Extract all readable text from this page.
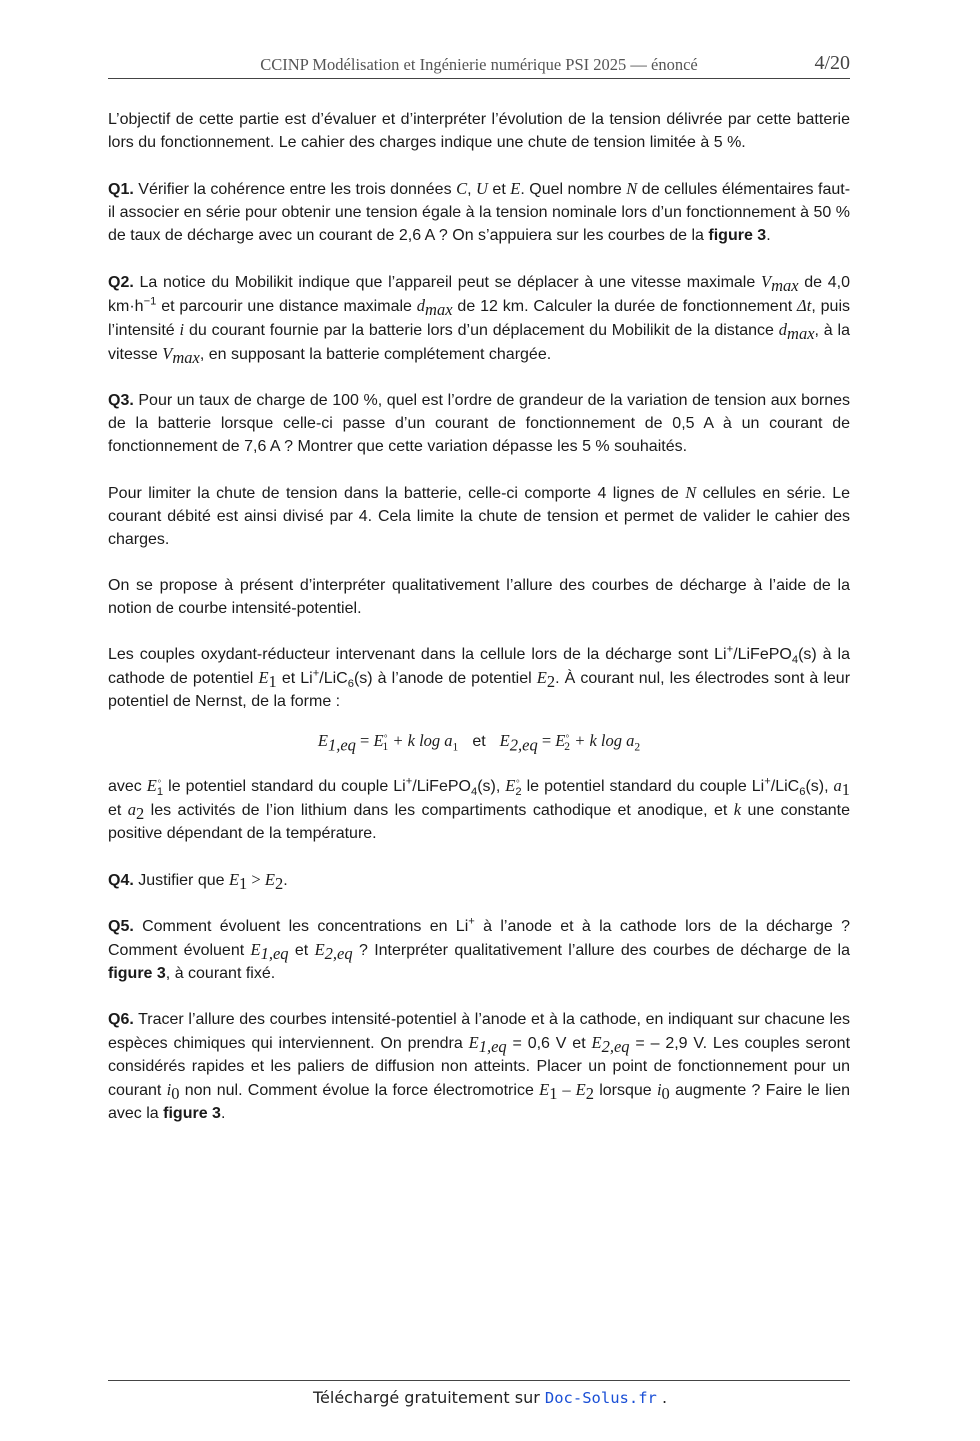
CCINP Modélisation et Ingénierie numérique PSI 2025 — énoncé	4/20

L’objectif de cette partie est d’évaluer et d’interpréter l’évolution de la tension délivrée par cette batterie lors du fonctionnement. Le cahier des charges indique une chute de tension limitée à 5 %.

Q1. Vérifier la cohérence entre les trois données C, U et E. Quel nombre N de cellules élémentaires faut-il associer en série pour obtenir une tension égale à la tension nominale lors d’un fonctionnement à 50 % de taux de décharge avec un courant de 2,6 A ? On s’appuiera sur les courbes de la figure 3.

Q2. La notice du Mobilikit indique que l’appareil peut se déplacer à une vitesse maximale $V_{max}$ de 4,0 $km\cdot h^{-1}$ et parcourir une distance maximale $d_{max}$ de 12 km. Calculer la durée de fonctionnement Δt, puis l’intensité i du courant fournie par la batterie lors d’un déplacement du Mobilikit de la distance $d_{max}$, à la vitesse $V_{max}$, en supposant la batterie complétement chargée.

Q3. Pour un taux de charge de 100 %, quel est l’ordre de grandeur de la variation de tension aux bornes de la batterie lorsque celle-ci passe d’un courant de fonctionnement de 0,5 A à un courant de fonctionnement de 7,6 A ? Montrer que cette variation dépasse les 5 % souhaités.

Pour limiter la chute de tension dans la batterie, celle-ci comporte 4 lignes de N cellules en série. Le courant débité est ainsi divisé par 4. Cela limite la chute de tension et permet de valider le cahier des charges.

On se propose à présent d’interpréter qualitativement l’allure des courbes de décharge à l’aide de la notion de courbe intensité-potentiel.

Les couples oxydant-réducteur intervenant dans la cellule lors de la décharge sont Li+/LiFePO$_4$(s) à la cathode de potentiel $E_1$ et Li+/LiC$_6$(s) à l’anode de potentiel $E_2$. À courant nul, les électrodes sont à leur potentiel de Nernst, de la forme :

$E_{1,eq} = E^◦_1 + k$ $\log a_1$ et $E_{2,eq} = E^◦_2 + k$ $\log a_2$

avec $E^◦_1$ le potentiel standard du couple Li+/LiFePO$_4$(s), $E^◦_2$ le potentiel standard du couple Li+/LiC$_6$(s), $a_1$ et $a_2$ les activités de l’ion lithium dans les compartiments cathodique et anodique, et k une constante positive dépendant de la température.

Q4. Justifier que $E_1 > E_2$.

Q5. Comment évoluent les concentrations en Li+ à l’anode et à la cathode lors de la décharge ? Comment évoluent $E_{1,eq}$ et $E_{2,eq}$ ? Interpréter qualitativement l’allure des courbes de décharge de la figure 3, à courant fixé.

Q6. Tracer l’allure des courbes intensité-potentiel à l’anode et à la cathode, en indiquant sur chacune les espèces chimiques qui interviennent. On prendra $E_{1,eq} = 0,6$ V et $E_{2,eq}$ = – 2,9 V. Les couples seront considérés rapides et les paliers de diffusion non atteints. Placer un point de fonctionnement pour un courant $i_0$ non nul. Comment évolue la force électromotrice $E_1 - E_2$ lorsque $i_0$ augmente ? Faire le lien avec la figure 3.

Téléchargé gratuitement sur Doc-Solus.fr .
